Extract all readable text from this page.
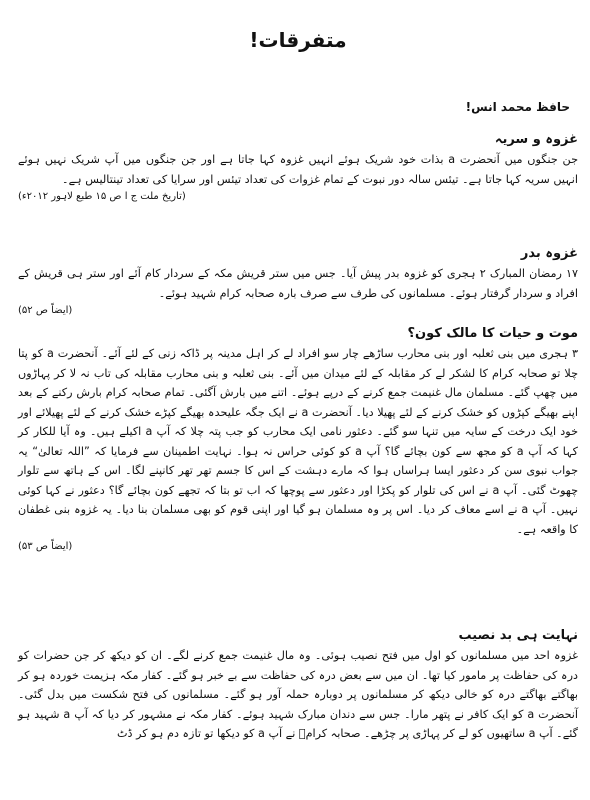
متفرقات!
حافظ محمد انس!
غزوہ و سریہ

جن جنگوں میں آنحضرت a بذات خود شریک ہوئے انہیں غزوہ کہا جاتا ہے اور جن جنگوں میں آپ شریک نہیں ہوئے انہیں سریہ کہا جاتا ہے۔ تیئس سالہ دور نبوت کے تمام غزوات کی تعداد تیئس اور سرایا کی تعداد تینتالیس ہے۔

(تاریخ ملت ج ا ص ۱۵ طبع لاہور ۲۰۱۲ء)

غزوہ بدر

۱۷ رمضان المبارک ۲ ہجری کو غزوہ بدر پیش آیا۔ جس میں ستر قریش مکہ کے سردار کام آئے اور ستر ہی قریش کے افراد و سردار گرفتار ہوئے۔ مسلمانوں کی طرف سے صرف بارہ صحابہ کرام شہید ہوئے۔

(ایضاً ص ۵۲)

موت و حیات کا مالک کون؟

۳ ہجری میں بنی ثعلبہ اور بنی محارب ساڑھے چار سو افراد لے کر اہل مدینہ پر ڈاکہ زنی کے لئے آئے۔ آنحضرت a کو پتا چلا تو صحابہ کرام کا لشکر لے کر مقابلہ کے لئے میدان میں آئے۔ بنی ثعلبہ و بنی محارب مقابلہ کی تاب نہ لا کر پہاڑوں میں چھپ گئے۔ مسلمان مال غنیمت جمع کرنے کے درپے ہوئے۔ اتنے میں بارش آگئی۔ تمام صحابہ کرام بارش رکنے کے بعد اپنے بھیگے کپڑوں کو خشک کرنے کے لئے پھیلا دیا۔ آنحضرت a نے ایک جگہ علیحدہ بھیگے کپڑے خشک کرنے کے لئے پھیلائے اور خود ایک درخت کے سایہ میں تنہا سو گئے۔ دعثور نامی ایک محارب کو جب پتہ چلا کہ آپ a اکیلے ہیں۔ وہ آیا للکار کر کہا کہ آپ a کو مجھ سے کون بچائے گا؟ آپ a کو کوئی حراس نہ ہوا۔ نہایت اطمینان سے فرمایا کہ ”اللہ تعالیٰ“ یہ جواب نبوی سن کر دعثور ایسا ہراساں ہوا کہ مارے دہشت کے اس کا جسم تھر تھر کانپنے لگا۔ اس کے ہاتھ سے تلوار چھوٹ گئی۔ آپ a نے اس کی تلوار کو پکڑا اور دعثور سے پوچھا کہ اب تو بتا کہ تجھے کون بچائے گا؟ دعثور نے کہا کوئی نہیں۔ آپ a نے اسے معاف کر دیا۔ اس پر وہ مسلمان ہو گیا اور اپنی قوم کو بھی مسلمان بنا دیا۔ یہ غزوہ بنی غطفان کا واقعہ ہے۔

(ایضاً ص ۵۳)

نہایت ہی بد نصیب

غزوہ احد میں مسلمانوں کو اول میں فتح نصیب ہوئی۔ وہ مال غنیمت جمع کرنے لگے۔ ان کو دیکھ کر جن حضرات کو درہ کی حفاظت پر مامور کیا تھا۔ ان میں سے بعض درہ کی حفاظت سے بے خبر ہو گئے۔ کفار مکہ ہزیمت خوردہ ہو کر بھاگتے بھاگتے درہ کو خالی دیکھ کر مسلمانوں پر دوبارہ حملہ آور ہو گئے۔ مسلمانوں کی فتح شکست میں بدل گئی۔ آنحضرت a کو ایک کافر نے پتھر مارا۔ جس سے دندان مبارک شہید ہوئے۔ کفار مکہ نے مشہور کر دیا کہ آپ a شہید ہو گئے۔ آپ a ساتھیوں کو لے کر پہاڑی پر چڑھے۔ صحابہ کرامؓ نے آپ a کو دیکھا تو تازہ دم ہو کر ڈٹ
